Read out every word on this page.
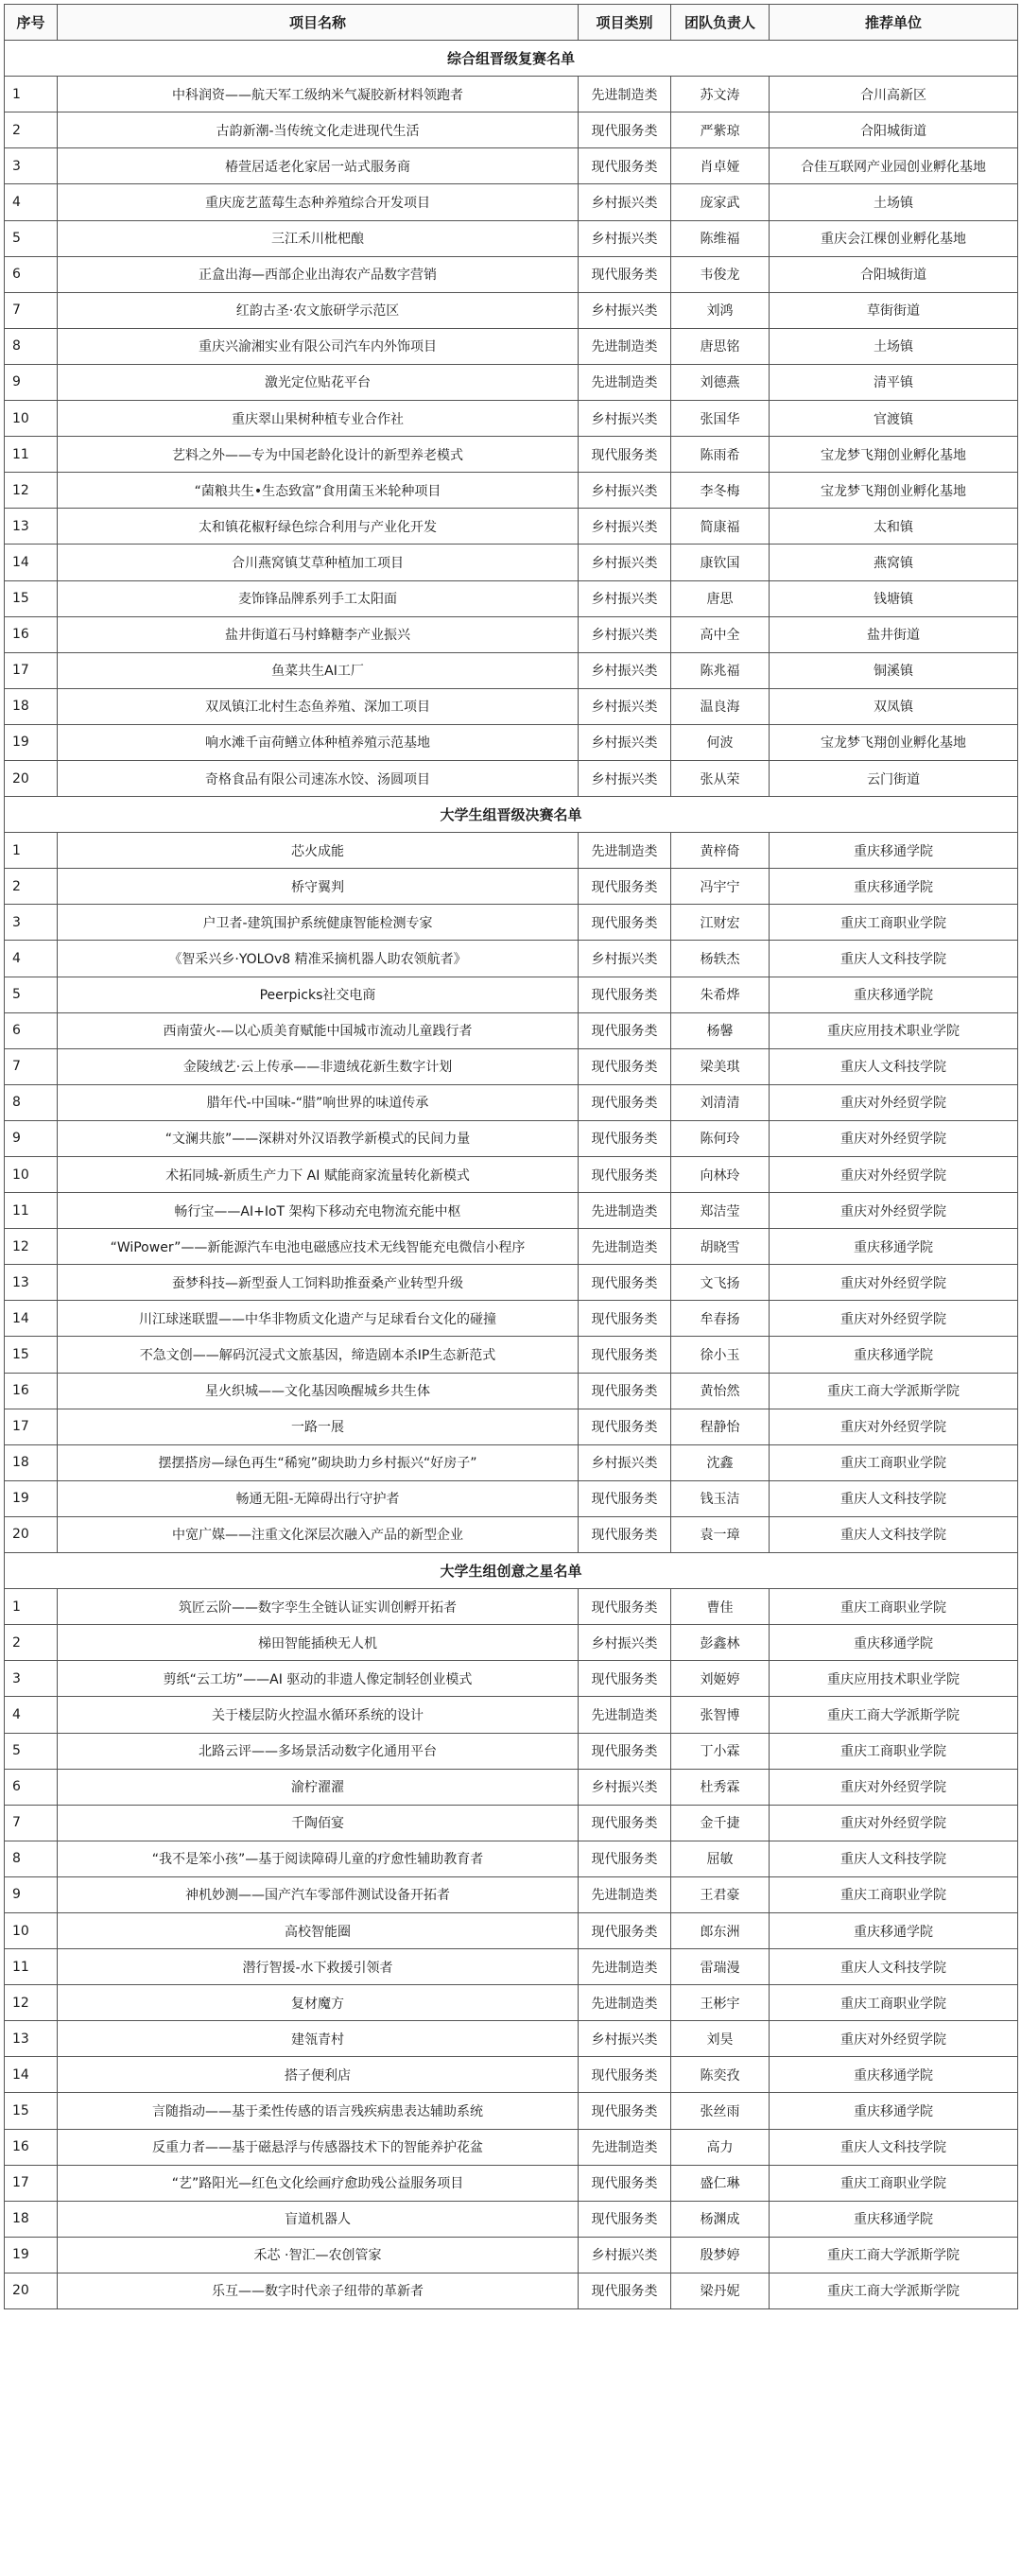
序号	项目名称	项目类别	团队负责人	推荐单位
综合组晋级复赛名单				
1	中科润资——航天军工级纳米气凝胶新材料领跑者	先进制造类	苏文涛	合川高新区
2	古韵新潮-当传统文化走进现代生活	现代服务类	严紫琼	合阳城街道
3	椿萱居适老化家居一站式服务商	现代服务类	肖卓娅	合佳互联网产业园创业孵化基地
4	重庆庞艺蓝莓生态种养殖综合开发项目	乡村振兴类	庞家武	土场镇
5	三江禾川枇杷酿	乡村振兴类	陈维福	重庆会江棵创业孵化基地
6	正盒出海—西部企业出海农产品数字营销	现代服务类	韦俊龙	合阳城街道
7	红韵古圣·农文旅研学示范区	乡村振兴类	刘鸿	草街街道
8	重庆兴渝湘实业有限公司汽车内外饰项目	先进制造类	唐思铭	土场镇
9	激光定位贴花平台	先进制造类	刘德燕	清平镇
10	重庆翠山果树种植专业合作社	乡村振兴类	张国华	官渡镇
11	艺料之外——专为中国老龄化设计的新型养老模式	现代服务类	陈雨希	宝龙梦飞翔创业孵化基地
12	“菌粮共生•生态致富”食用菌玉米轮种项目	乡村振兴类	李冬梅	宝龙梦飞翔创业孵化基地
13	太和镇花椒籽绿色综合利用与产业化开发	乡村振兴类	简康福	太和镇
14	合川燕窝镇艾草种植加工项目	乡村振兴类	康钦国	燕窝镇
15	麦饰锋品牌系列手工太阳面	乡村振兴类	唐思	钱塘镇
16	盐井街道石马村蜂糖李产业振兴	乡村振兴类	高中全	盐井街道
17	鱼菜共生AI工厂	乡村振兴类	陈兆福	铜溪镇
18	双凤镇江北村生态鱼养殖、深加工项目	乡村振兴类	温良海	双凤镇
19	响水滩千亩荷鳝立体种植养殖示范基地	乡村振兴类	何波	宝龙梦飞翔创业孵化基地
20	奇格食品有限公司速冻水饺、汤圆项目	乡村振兴类	张从荣	云门街道
大学生组晋级决赛名单				
1	芯火成能	先进制造类	黄梓倚	重庆移通学院
2	桥守翼判	现代服务类	冯宇宁	重庆移通学院
3	户卫者-建筑围护系统健康智能检测专家	现代服务类	江财宏	重庆工商职业学院
4	《智采兴乡·YOLOv8 精准采摘机器人助农领航者》	乡村振兴类	杨轶杰	重庆人文科技学院
5	Peerpicks社交电商	现代服务类	朱希烨	重庆移通学院
6	西南萤火-—以心质美育赋能中国城市流动儿童践行者	现代服务类	杨馨	重庆应用技术职业学院
7	金陵绒艺·云上传承——非遗绒花新生数字计划	现代服务类	梁美琪	重庆人文科技学院
8	腊年代-中国味-“腊”响世界的味道传承	现代服务类	刘清清	重庆对外经贸学院
9	“文澜共旅”——深耕对外汉语教学新模式的民间力量	现代服务类	陈何玲	重庆对外经贸学院
10	术拓同城-新质生产力下 AI 赋能商家流量转化新模式	现代服务类	向林玲	重庆对外经贸学院
11	畅行宝——AI+IoT 架构下移动充电物流充能中枢	先进制造类	郑洁莹	重庆对外经贸学院
12	“WiPower”——新能源汽车电池电磁感应技术无线智能充电微信小程序	先进制造类	胡晓雪	重庆移通学院
13	蚕梦科技—新型蚕人工饲料助推蚕桑产业转型升级	现代服务类	文飞扬	重庆对外经贸学院
14	川江球迷联盟——中华非物质文化遗产与足球看台文化的碰撞	现代服务类	牟春扬	重庆对外经贸学院
15	不急文创——解码沉浸式文旅基因，缔造剧本杀IP生态新范式	现代服务类	徐小玉	重庆移通学院
16	星火织城——文化基因唤醒城乡共生体	现代服务类	黄怡然	重庆工商大学派斯学院
17	一路一展	现代服务类	程静怡	重庆对外经贸学院
18	摆摆搭房—绿色再生“稀宛”砌块助力乡村振兴“好房子”	乡村振兴类	沈鑫	重庆工商职业学院
19	畅通无阻-无障碍出行守护者	现代服务类	钱玉洁	重庆人文科技学院
20	中宽广媒——注重文化深层次融入产品的新型企业	现代服务类	袁一璋	重庆人文科技学院
大学生组创意之星名单				
1	筑匠云阶——数字孪生全链认证实训创孵开拓者	现代服务类	曹佳	重庆工商职业学院
2	梯田智能插秧无人机	乡村振兴类	彭鑫林	重庆移通学院
3	剪纸“云工坊”——AI 驱动的非遗人像定制轻创业模式	现代服务类	刘姬婷	重庆应用技术职业学院
4	关于楼层防火控温水循环系统的设计	先进制造类	张智博	重庆工商大学派斯学院
5	北路云评——多场景活动数字化通用平台	现代服务类	丁小霖	重庆工商职业学院
6	渝柠濯濯	乡村振兴类	杜秀霖	重庆对外经贸学院
7	千陶佰宴	现代服务类	金千捷	重庆对外经贸学院
8	“我不是笨小孩”—基于阅读障碍儿童的疗愈性辅助教育者	现代服务类	屈敏	重庆人文科技学院
9	神机妙测——国产汽车零部件测试设备开拓者	先进制造类	王君豪	重庆工商职业学院
10	高校智能圈	现代服务类	郎东洲	重庆移通学院
11	潜行智援-水下救援引领者	先进制造类	雷瑞漫	重庆人文科技学院
12	复材魔方	先进制造类	王彬宇	重庆工商职业学院
13	建瓴青村	乡村振兴类	刘昊	重庆对外经贸学院
14	搭子便利店	现代服务类	陈奕孜	重庆移通学院
15	言随指动——基于柔性传感的语言残疾病患表达辅助系统	现代服务类	张丝雨	重庆移通学院
16	反重力者——基于磁悬浮与传感器技术下的智能养护花盆	先进制造类	高力	重庆人文科技学院
17	“艺”路阳光—红色文化绘画疗愈助残公益服务项目	现代服务类	盛仁琳	重庆工商职业学院
18	盲道机器人	现代服务类	杨渊成	重庆移通学院
19	禾芯 ·智汇—农创管家	乡村振兴类	殷梦婷	重庆工商大学派斯学院
20	乐互——数字时代亲子纽带的革新者	现代服务类	梁丹妮	重庆工商大学派斯学院
